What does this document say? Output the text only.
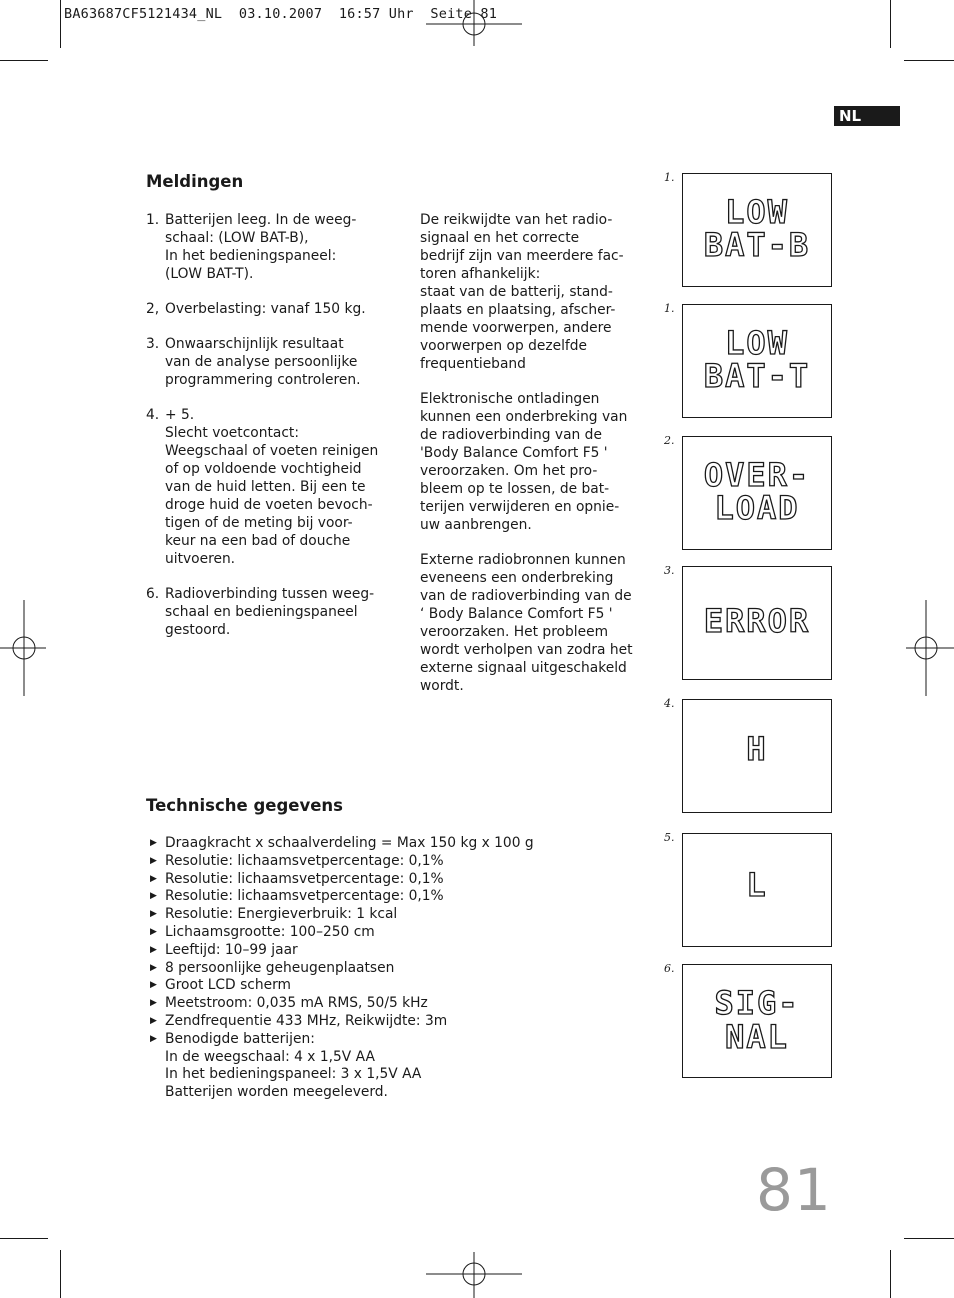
BA63687CF5121434_NL  03.10.2007  16:57 Uhr  Seite 81
NL
Meldingen
1. Batterijen leeg. In de weeg-
schaal: (LOW BAT-B),
In het bedieningspaneel:
(LOW BAT-T).
2, Overbelasting: vanaf 150 kg.
3. Onwaarschijnlijk resultaat
van de analyse persoonlijke
programmering controleren.
4. + 5.
Slecht voetcontact:
Weegschaal of voeten reinigen
of op voldoende vochtigheid
van de huid letten. Bij een te
droge huid de voeten bevoch-
tigen of de meting bij voor-
keur na een bad of douche
uitvoeren.
6. Radioverbinding tussen weeg-
schaal en bedieningspaneel
gestoord.

De reikwijdte van het radio-
signaal en het correcte
bedrijf zijn van meerdere fac-
toren afhankelijk:
staat van de batterij, stand-
plaats en plaatsing, afscher-
mende voorwerpen, andere
voorwerpen op dezelfde
frequentieband

Elektronische ontladingen
kunnen een onderbreking van
de radioverbinding van de
'Body Balance Comfort F5 '
veroorzaken. Om het pro-
bleem op te lossen, de bat-
terijen verwijderen en opnie-
uw aanbrengen.

Externe radiobronnen kunnen
eveneens een onderbreking
van de radioverbinding van de
‘ Body Balance Comfort F5 '
veroorzaken. Het probleem
wordt verholpen van zodra het
externe signaal uitgeschakeld
wordt.

Technische gegevens
▶ Draagkracht x schaalverdeling = Max 150 kg x 100 g
▶ Resolutie: lichaamsvetpercentage: 0,1%
▶ Resolutie: lichaamsvetpercentage: 0,1%
▶ Resolutie: lichaamsvetpercentage: 0,1%
▶ Resolutie: Energieverbruik: 1 kcal
▶ Lichaamsgrootte: 100–250 cm
▶ Leeftijd: 10–99 jaar
▶ 8 persoonlijke geheugenplaatsen
▶ Groot LCD scherm
▶ Meetstroom: 0,035 mA RMS, 50/5 kHz
▶ Zendfrequentie 433 MHz, Reikwijdte: 3m
▶ Benodigde batterijen:
In de weegschaal: 4 x 1,5V AA
In het bedieningspaneel: 3 x 1,5V AA
Batterijen worden meegeleverd.
1.
LOW
BAT-B
1.
LOW
BAT-T
2.
OVER-
LOAD
3.
ERROR
4.
H
5.
L
6.
SIG-
NAL
81
